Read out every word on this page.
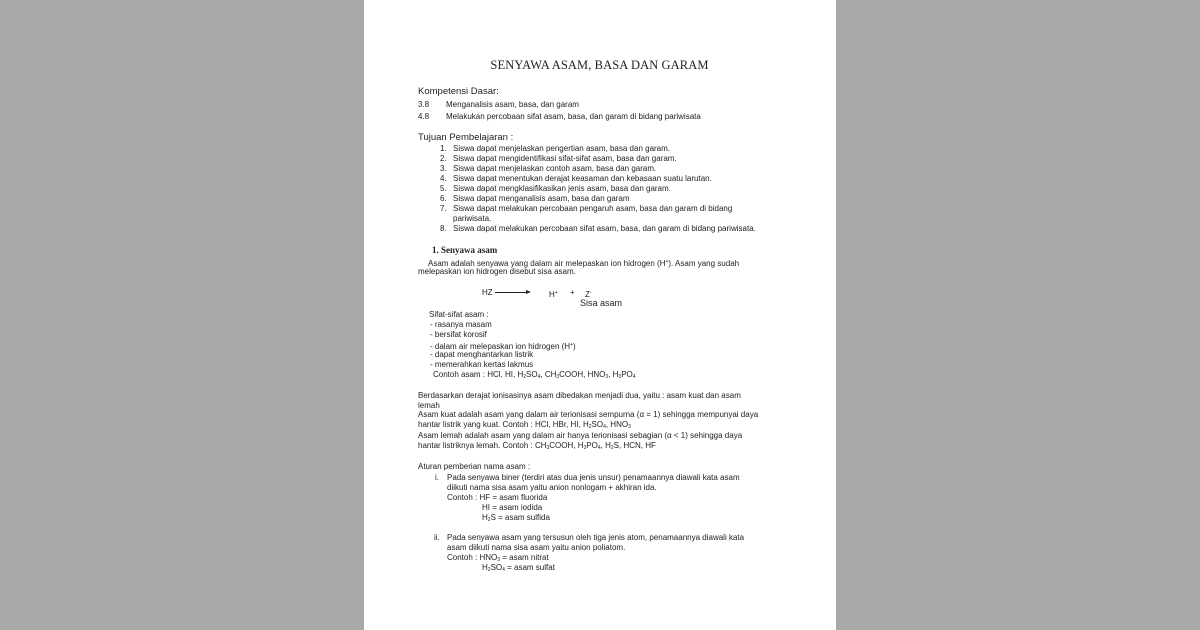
SENYAWA ASAM, BASA DAN GARAM
Kompetensi Dasar:
3.8 Menganalisis asam, basa, dan garam
4.8 Melakukan percobaan sifat asam, basa, dan garam di bidang pariwisata
Tujuan Pembelajaran :
1. Siswa dapat menjelaskan pengertian asam, basa dan garam.
2. Siswa dapat mengidentifikasi sifat-sifat asam, basa dan garam.
3. Siswa dapat menjelaskan contoh asam, basa dan garam.
4. Siswa dapat menentukan derajat keasaman dan kebasaan suatu larutan.
5. Siswa dapat mengklasifikasikan jenis asam, basa dan garam.
6. Siswa dapat menganalisis asam, basa dan garam
7. Siswa dapat melakukan percobaan pengaruh asam, basa dan garam di bidang
pariwisata.
8. Siswa dapat melakukan percobaan sifat asam, basa, dan garam di bidang pariwisata.
1. Senyawa asam
Asam adalah senyawa yang dalam air melepaskan ion hidrogen (H+). Asam yang sudah
melepaskan ion hidrogen disebut sisa asam.
HZ	H+ + Z-
Sisa asam
Sifat-sifat asam :
- rasanya masam
- bersifat korosif
- dalam air melepaskan ion hidrogen (H+)
- dapat menghantarkan listrik
- memerahkan kertas lakmus
Contoh asam : HCl, HI, $H_2SO_4$, $CH_3COOH$, $HNO_3$, $H_3PO_4$
Berdasarkan derajat ionisasinya asam dibedakan menjadi dua, yaitu : asam kuat dan asam
lemah
Asam kuat adalah asam yang dalam air terionisasi sempurna (α = 1) sehingga mempunyai daya
hantar listrik yang kuat. Contoh : HCl, HBr, HI, $H_2SO_4$, $HNO_3$
Asam lemah adalah asam yang dalam air hanya terionisasi sebagian (α < 1) sehingga daya
hantar listriknya lemah. Contoh : $CH_3COOH$, $H_3PO_4$, $H_2S$, HCN, HF
Aturan pemberian nama asam :
i. Pada senyawa biner (terdiri atas dua jenis unsur) penamaannya diawali kata asam
diikuti nama sisa asam yaitu anion nonlogam + akhiran ida.
Contoh : HF = asam fluorida
HI = asam iodida
$H_2S$ = asam sulfida
ii. Pada senyawa asam yang tersusun oleh tiga jenis atom, penamaannya diawali kata
asam diikuti nama sisa asam yaitu anion poliatom.
Contoh : $HNO_3$ = asam nitrat
$H_2SO_4$ = asam sulfat
